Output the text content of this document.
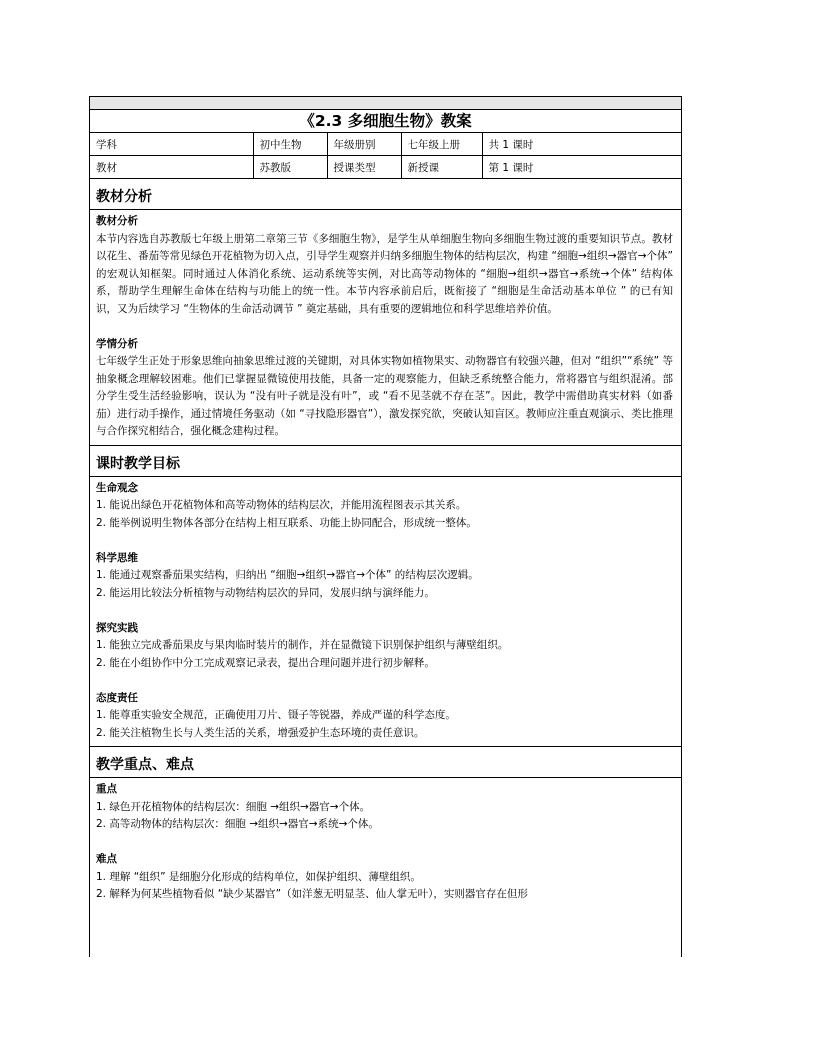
《2.3 多细胞生物》教案
学科	初中生物	年级册别	七年级上册	共 1 课时
教材	苏教版	授课类型	新授课	第 1 课时
教材分析
教材分析
本节内容选自苏教版七年级上册第二章第三节《多细胞生物》，是学生从单细胞生物向多细胞生物过渡的重要知识节点。教材以花生、番茄等常见绿色开花植物为切入点，引导学生观察并归纳多细胞生物体的结构层次，构建 “细胞→组织→器官→个体” 的宏观认知框架。同时通过人体消化系统、运动系统等实例，对比高等动物体的 “细胞→组织→器官→系统→个体” 结构体系，帮助学生理解生命体在结构与功能上的统一性。本节内容承前启后，既衔接了 “细胞是生命活动基本单位 ” 的已有知识，又为后续学习 “生物体的生命活动调节 ” 奠定基础，具有重要的逻辑地位和科学思维培养价值。
学情分析
七年级学生正处于形象思维向抽象思维过渡的关键期，对具体实物如植物果实、动物器官有较强兴趣，但对 “组织”“系统” 等抽象概念理解较困难。他们已掌握显微镜使用技能，具备一定的观察能力，但缺乏系统整合能力，常将器官与组织混淆。部分学生受生活经验影响，误认为 “没有叶子就是没有叶”，或 “看不见茎就不存在茎”。因此，教学中需借助真实材料（如番茄）进行动手操作，通过情境任务驱动（如 “寻找隐形器官”），激发探究欲，突破认知盲区。教师应注重直观演示、类比推理与合作探究相结合，强化概念建构过程。
课时教学目标
生命观念
1. 能说出绿色开花植物体和高等动物体的结构层次，并能用流程图表示其关系。
2. 能举例说明生物体各部分在结构上相互联系、功能上协同配合，形成统一整体。
科学思维
1. 能通过观察番茄果实结构，归纳出 “细胞→组织→器官→个体” 的结构层次逻辑。
2. 能运用比较法分析植物与动物结构层次的异同，发展归纳与演绎能力。
探究实践
1. 能独立完成番茄果皮与果肉临时装片的制作，并在显微镜下识别保护组织与薄壁组织。
2. 能在小组协作中分工完成观察记录表，提出合理问题并进行初步解释。
态度责任
1. 能尊重实验安全规范，正确使用刀片、镊子等锐器，养成严谨的科学态度。
2. 能关注植物生长与人类生活的关系，增强爱护生态环境的责任意识。
教学重点、难点
重点
1. 绿色开花植物体的结构层次：细胞 →组织→器官→个体。
2. 高等动物体的结构层次：细胞 →组织→器官→系统→个体。
难点
1. 理解 “组织” 是细胞分化形成的结构单位，如保护组织、薄壁组织。
2. 解释为何某些植物看似 “缺少某器官”（如洋葱无明显茎、仙人掌无叶），实则器官存在但形
